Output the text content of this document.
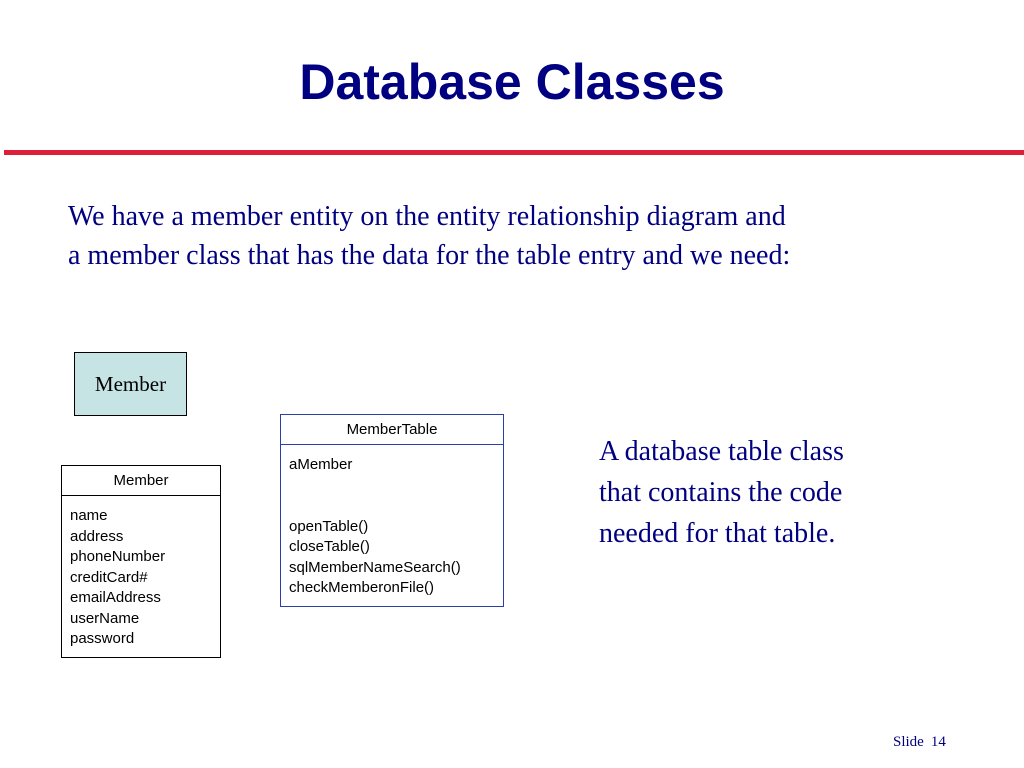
Database Classes
We have a member entity on the entity relationship diagram and
a member class that has the data for the table entry and we need:
Member
Member
name
address
phoneNumber
creditCard#
emailAddress
userName
password
MemberTable
aMember
openTable()
closeTable()
sqlMemberNameSearch()
checkMemberonFile()
A database table class
that contains the code
needed for that table.
Slide 14
